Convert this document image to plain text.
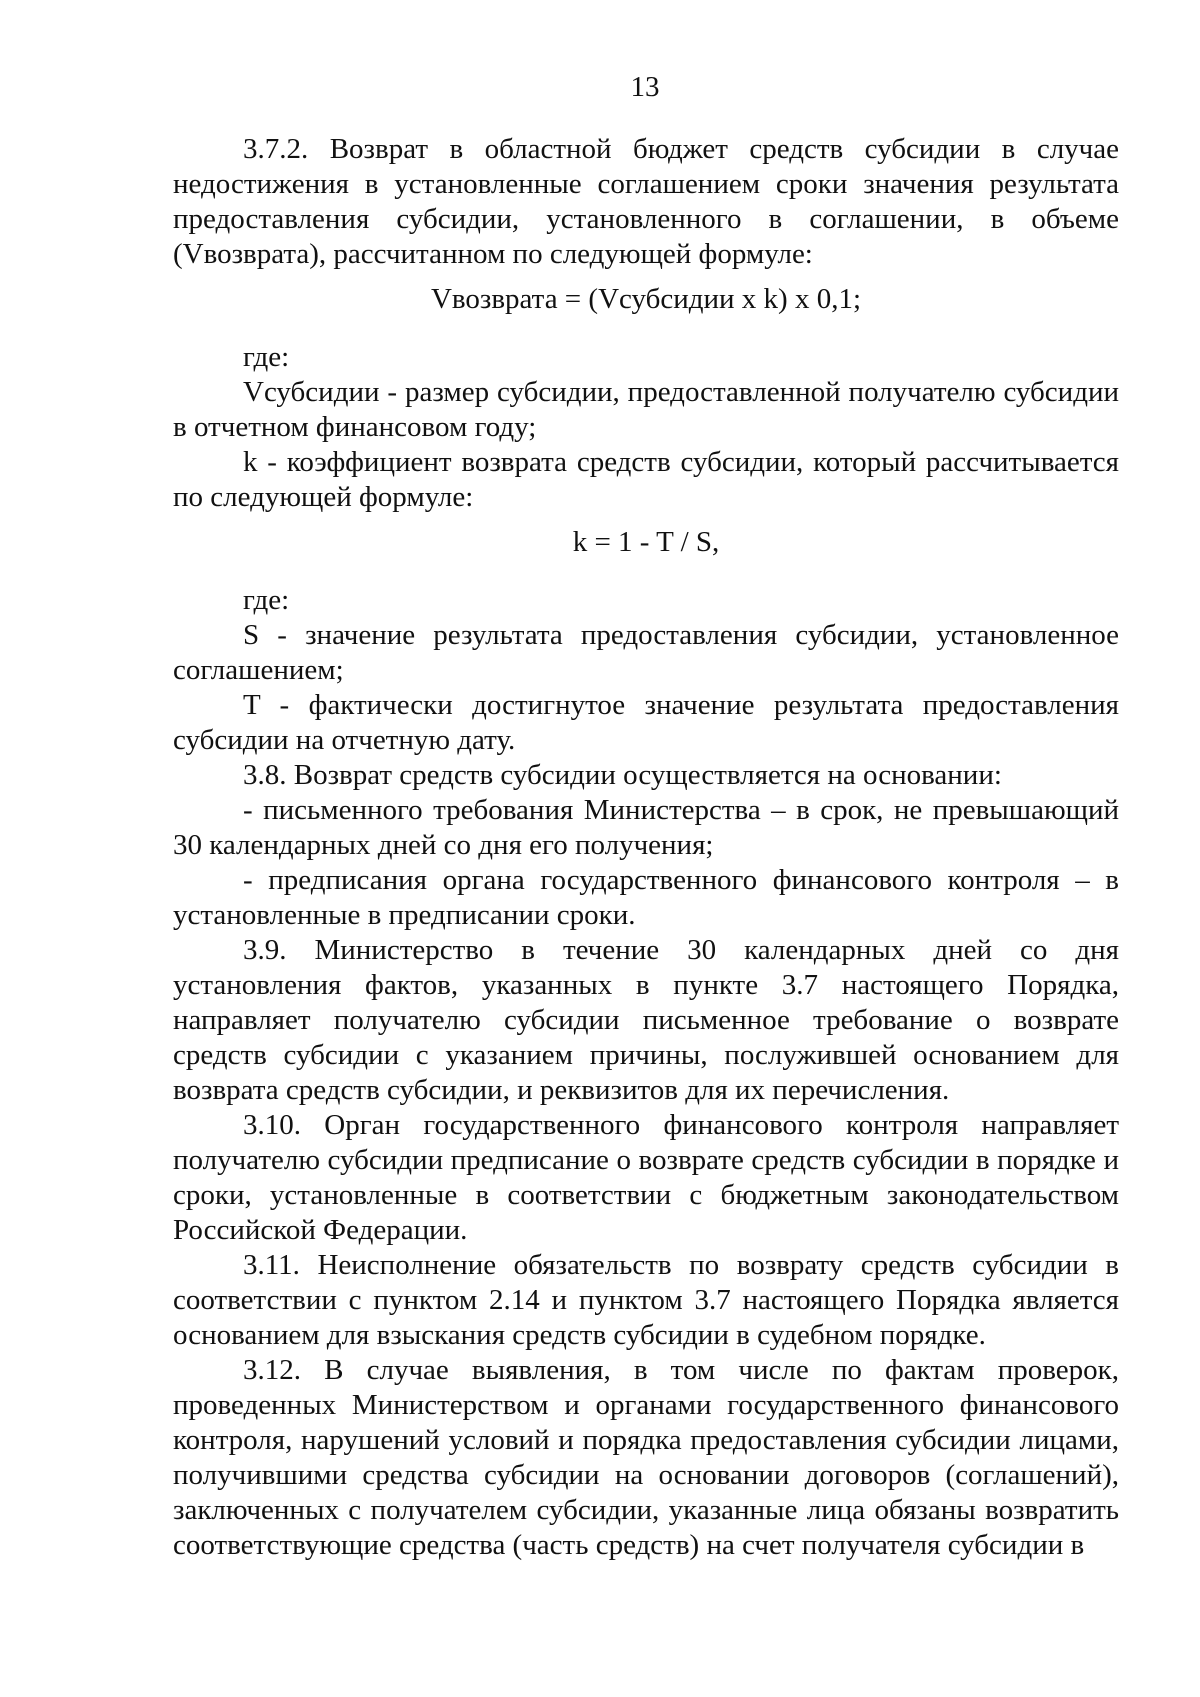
13

3.7.2. Возврат в областной бюджет средств субсидии в случае недостижения в установленные соглашением сроки значения результата предоставления субсидии, установленного в соглашении, в объеме (Vвозврата), рассчитанном по следующей формуле:

Vвозврата = (Vсубсидии x k) x 0,1;

где:

Vсубсидии - размер субсидии, предоставленной получателю субсидии в отчетном финансовом году;

k - коэффициент возврата средств субсидии, который рассчитывается по следующей формуле:

k = 1 - T / S,

где:

S - значение результата предоставления субсидии, установленное соглашением;

T - фактически достигнутое значение результата предоставления субсидии на отчетную дату.

3.8. Возврат средств субсидии осуществляется на основании:

- письменного требования Министерства – в срок, не превышающий 30 календарных дней со дня его получения;

- предписания органа государственного финансового контроля – в установленные в предписании сроки.

3.9. Министерство в течение 30 календарных дней со дня установления фактов, указанных в пункте 3.7 настоящего Порядка, направляет получателю субсидии письменное требование о возврате средств субсидии с указанием причины, послужившей основанием для возврата средств субсидии, и реквизитов для их перечисления.

3.10. Орган государственного финансового контроля направляет получателю субсидии предписание о возврате средств субсидии в порядке и сроки, установленные в соответствии с бюджетным законодательством Российской Федерации.

3.11. Неисполнение обязательств по возврату средств субсидии в соответствии с пунктом 2.14 и пунктом 3.7 настоящего Порядка является основанием для взыскания средств субсидии в судебном порядке.

3.12. В случае выявления, в том числе по фактам проверок, проведенных Министерством и органами государственного финансового контроля, нарушений условий и порядка предоставления субсидии лицами, получившими средства субсидии на основании договоров (соглашений), заключенных с получателем субсидии, указанные лица обязаны возвратить соответствующие средства (часть средств) на счет получателя субсидии в
